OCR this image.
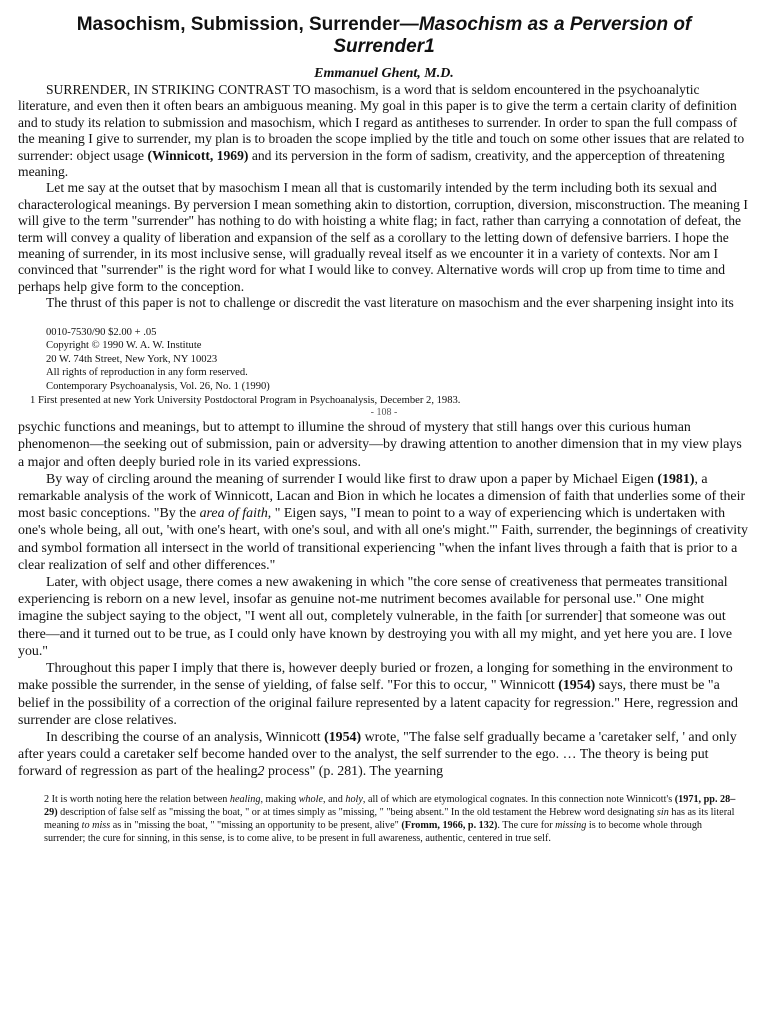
Masochism, Submission, Surrender—Masochism as a Perversion of Surrender1
Emmanuel Ghent, M.D.

SURRENDER, IN STRIKING CONTRAST TO masochism, is a word that is seldom encountered in the psychoanalytic literature, and even then it often bears an ambiguous meaning. My goal in this paper is to give the term a certain clarity of definition and to study its relation to submission and masochism, which I regard as antitheses to surrender. In order to span the full compass of the meaning I give to surrender, my plan is to broaden the scope implied by the title and touch on some other issues that are related to surrender: object usage (Winnicott, 1969) and its perversion in the form of sadism, creativity, and the apperception of threatening meaning.

Let me say at the outset that by masochism I mean all that is customarily intended by the term including both its sexual and characterological meanings. By perversion I mean something akin to distortion, corruption, diversion, misconstruction. The meaning I will give to the term "surrender" has nothing to do with hoisting a white flag; in fact, rather than carrying a connotation of defeat, the term will convey a quality of liberation and expansion of the self as a corollary to the letting down of defensive barriers. I hope the meaning of surrender, in its most inclusive sense, will gradually reveal itself as we encounter it in a variety of contexts. Nor am I convinced that "surrender" is the right word for what I would like to convey. Alternative words will crop up from time to time and perhaps help give form to the conception.

The thrust of this paper is not to challenge or discredit the vast literature on masochism and the ever sharpening insight into its

0010-7530/90 $2.00 + .05
Copyright © 1990 W. A. W. Institute
20 W. 74th Street, New York, NY 10023
All rights of reproduction in any form reserved.
Contemporary Psychoanalysis, Vol. 26, No. 1 (1990)
1 First presented at new York University Postdoctoral Program in Psychoanalysis, December 2, 1983.
- 108 -

psychic functions and meanings, but to attempt to illumine the shroud of mystery that still hangs over this curious human phenomenon—the seeking out of submission, pain or adversity—by drawing attention to another dimension that in my view plays a major and often deeply buried role in its varied expressions.

By way of circling around the meaning of surrender I would like first to draw upon a paper by Michael Eigen (1981), a remarkable analysis of the work of Winnicott, Lacan and Bion in which he locates a dimension of faith that underlies some of their most basic conceptions. "By the area of faith, " Eigen says, "I mean to point to a way of experiencing which is undertaken with one's whole being, all out, 'with one's heart, with one's soul, and with all one's might.'" Faith, surrender, the beginnings of creativity and symbol formation all intersect in the world of transitional experiencing "when the infant lives through a faith that is prior to a clear realization of self and other differences."

Later, with object usage, there comes a new awakening in which "the core sense of creativeness that permeates transitional experiencing is reborn on a new level, insofar as genuine not-me nutriment becomes available for personal use." One might imagine the subject saying to the object, "I went all out, completely vulnerable, in the faith [or surrender] that someone was out there—and it turned out to be true, as I could only have known by destroying you with all my might, and yet here you are. I love you."

Throughout this paper I imply that there is, however deeply buried or frozen, a longing for something in the environment to make possible the surrender, in the sense of yielding, of false self. "For this to occur, " Winnicott (1954) says, there must be "a belief in the possibility of a correction of the original failure represented by a latent capacity for regression." Here, regression and surrender are close relatives.

In describing the course of an analysis, Winnicott (1954) wrote, "The false self gradually became a 'caretaker self, ' and only after years could a caretaker self become handed over to the analyst, the self surrender to the ego. … The theory is being put forward of regression as part of the healing2 process" (p. 281). The yearning

2 It is worth noting here the relation between healing, making whole, and holy, all of which are etymological cognates. In this connection note Winnicott's (1971, pp. 28–29) description of false self as "missing the boat, " or at times simply as "missing, " "being absent." In the old testament the Hebrew word designating sin has as its literal meaning to miss as in "missing the boat, " "missing an opportunity to be present, alive" (Fromm, 1966, p. 132). The cure for missing is to become whole through surrender; the cure for sinning, in this sense, is to come alive, to be present in full awareness, authentic, centered in true self.
